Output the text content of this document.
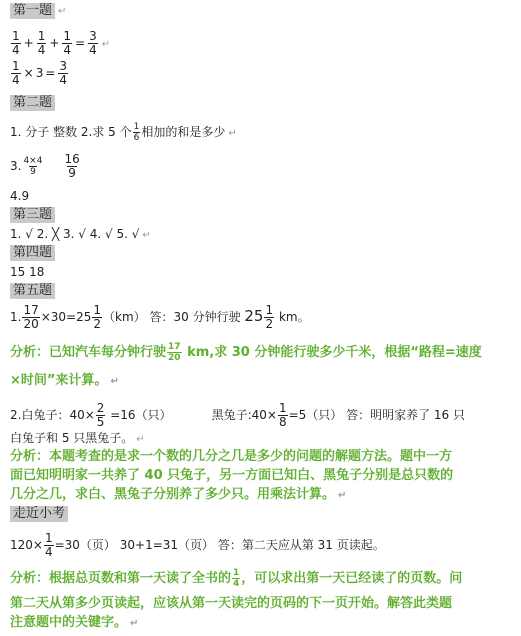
第一题 ↵
$\frac{1}{4} + \frac{1}{4} + \frac{1}{4} = \frac{3}{4}$ ↵
$\frac{1}{4} \times 3 = \frac{3}{4}$
第二题
1. 分子 整数 2.求 5 个 $\frac{1}{6}$ 相加的和是多少 ↵
3. $\frac{4\times 4}{9} \frac{16}{9}$
4.9
第三题
1. √ 2. ╳ 3. √ 4. √ 5. √ ↵
第四题
15 18
第五题
1. $\frac{17}{20} \times 30=25 \frac{1}{2} (km)$ 答：30 分钟行驶 $25 \frac{1}{2}$ km。
分析：已知汽车每分钟行驶 $\frac{17}{20}$ km,求 30 分钟能行驶多少千米，根据“路程=速度
×时间”来计算。 ↵
2.白兔子：$40\times \frac{2}{5} =16$（只）	黑兔子:40× $\frac{1}{8} =5$（只） 答：明明家养了 16 只
白兔子和 5 只黑兔子。 ↵
分析：本题考查的是求一个数的几分之几是多少的问题的解题方法。题中一方
面已知明明家一共养了 40 只兔子，另一方面已知白、黑兔子分别是总只数的
几分之几，求白、黑兔子分别养了多少只。用乘法计算。 ↵
走近小考
$120\times \frac{1}{4} =30$（页） 30+1=31（页） 答：第二天应从第 31 页读起。
分析：根据总页数和第一天读了全书的 $\frac{1}{4}$ ，可以求出第一天已经读了的页数。问
第二天从第多少页读起，应该从第一天读完的页码的下一页开始。解答此类题
注意题中的关键字。 ↵
